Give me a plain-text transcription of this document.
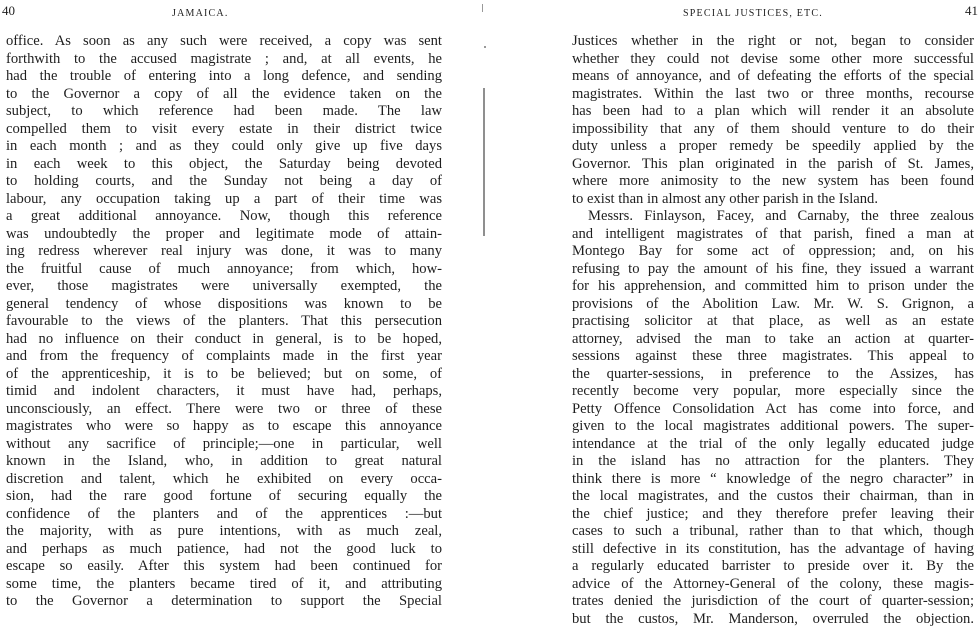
40	JAMAICA.
office. As soon as any such were received, a copy was sent
forthwith to the accused magistrate ; and, at all events, he
had the trouble of entering into a long defence, and sending
to the Governor a copy of all the evidence taken on the
subject, to which reference had been made. The law
compelled them to visit every estate in their district twice
in each month ; and as they could only give up five days
in each week to this object, the Saturday being devoted
to holding courts, and the Sunday not being a day of
labour, any occupation taking up a part of their time was
a great additional annoyance. Now, though this reference
was undoubtedly the proper and legitimate mode of attain-
ing redress wherever real injury was done, it was to many
the fruitful cause of much annoyance; from which, how-
ever, those magistrates were universally exempted, the
general tendency of whose dispositions was known to be
favourable to the views of the planters. That this persecution
had no influence on their conduct in general, is to be hoped,
and from the frequency of complaints made in the first year
of the apprenticeship, it is to be believed; but on some, of
timid and indolent characters, it must have had, perhaps,
unconsciously, an effect. There were two or three of these
magistrates who were so happy as to escape this annoyance
without any sacrifice of principle;—one in particular, well
known in the Island, who, in addition to great natural
discretion and talent, which he exhibited on every occa-
sion, had the rare good fortune of securing equally the
confidence of the planters and of the apprentices :—but
the majority, with as pure intentions, with as much zeal,
and perhaps as much patience, had not the good luck to
escape so easily. After this system had been continued for
some time, the planters became tired of it, and attributing
to the Governor a determination to support the Special
SPECIAL JUSTICES, ETC.	41
Justices whether in the right or not, began to consider
whether they could not devise some other more successful
means of annoyance, and of defeating the efforts of the special
magistrates. Within the last two or three months, recourse
has been had to a plan which will render it an absolute
impossibility that any of them should venture to do their
duty unless a proper remedy be speedily applied by the
Governor. This plan originated in the parish of St. James,
where more animosity to the new system has been found
to exist than in almost any other parish in the Island.
Messrs. Finlayson, Facey, and Carnaby, the three zealous
and intelligent magistrates of that parish, fined a man at
Montego Bay for some act of oppression; and, on his
refusing to pay the amount of his fine, they issued a warrant
for his apprehension, and committed him to prison under the
provisions of the Abolition Law. Mr. W. S. Grignon, a
practising solicitor at that place, as well as an estate
attorney, advised the man to take an action at quarter-
sessions against these three magistrates. This appeal to
the quarter-sessions, in preference to the Assizes, has
recently become very popular, more especially since the
Petty Offence Consolidation Act has come into force, and
given to the local magistrates additional powers. The super-
intendance at the trial of the only legally educated judge
in the island has no attraction for the planters. They
think there is more “ knowledge of the negro character” in
the local magistrates, and the custos their chairman, than in
the chief justice; and they therefore prefer leaving their
cases to such a tribunal, rather than to that which, though
still defective in its constitution, has the advantage of having
a regularly educated barrister to preside over it. By the
advice of the Attorney-General of the colony, these magis-
trates denied the jurisdiction of the court of quarter-session;
but the custos, Mr. Manderson, overruled the objection.
